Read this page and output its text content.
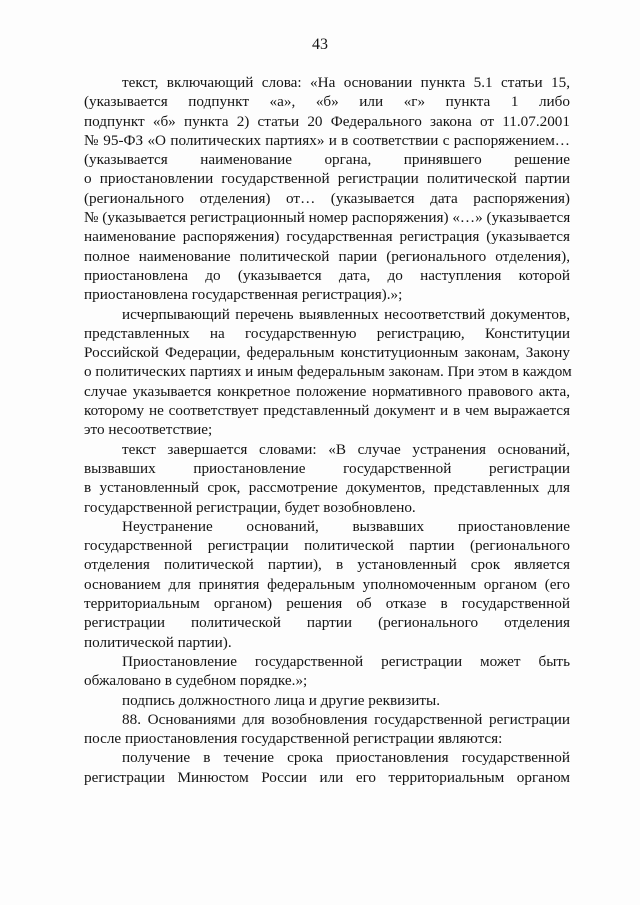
43
текст, включающий слова: «На основании пункта 5.1 статьи 15,
(указывается подпункт «а», «б» или «г» пункта 1 либо
подпункт «б» пункта 2) статьи 20 Федерального закона от 11.07.2001
№ 95-ФЗ «О политических партиях» и в соответствии с распоряжением…
(указывается наименование органа, принявшего решение
о приостановлении государственной регистрации политической партии
(регионального отделения) от… (указывается дата распоряжения)
№ (указывается регистрационный номер распоряжения) «…» (указывается
наименование распоряжения) государственная регистрация (указывается
полное наименование политической парии (регионального отделения),
приостановлена до (указывается дата, до наступления которой
приостановлена государственная регистрация).»;
исчерпывающий перечень выявленных несоответствий документов,
представленных на государственную регистрацию, Конституции
Российской Федерации, федеральным конституционным законам, Закону
о политических партиях и иным федеральным законам. При этом в каждом
случае указывается конкретное положение нормативного правового акта,
которому не соответствует представленный документ и в чем выражается
это несоответствие;
текст завершается словами: «В случае устранения оснований,
вызвавших приостановление государственной регистрации
в установленный срок, рассмотрение документов, представленных для
государственной регистрации, будет возобновлено.
Неустранение оснований, вызвавших приостановление
государственной регистрации политической партии (регионального
отделения политической партии), в установленный срок является
основанием для принятия федеральным уполномоченным органом (его
территориальным органом) решения об отказе в государственной
регистрации политической партии (регионального отделения
политической партии).
Приостановление государственной регистрации может быть
обжаловано в судебном порядке.»;
подпись должностного лица и другие реквизиты.
88. Основаниями для возобновления государственной регистрации
после приостановления государственной регистрации являются:
получение в течение срока приостановления государственной
регистрации Минюстом России или его территориальным органом
